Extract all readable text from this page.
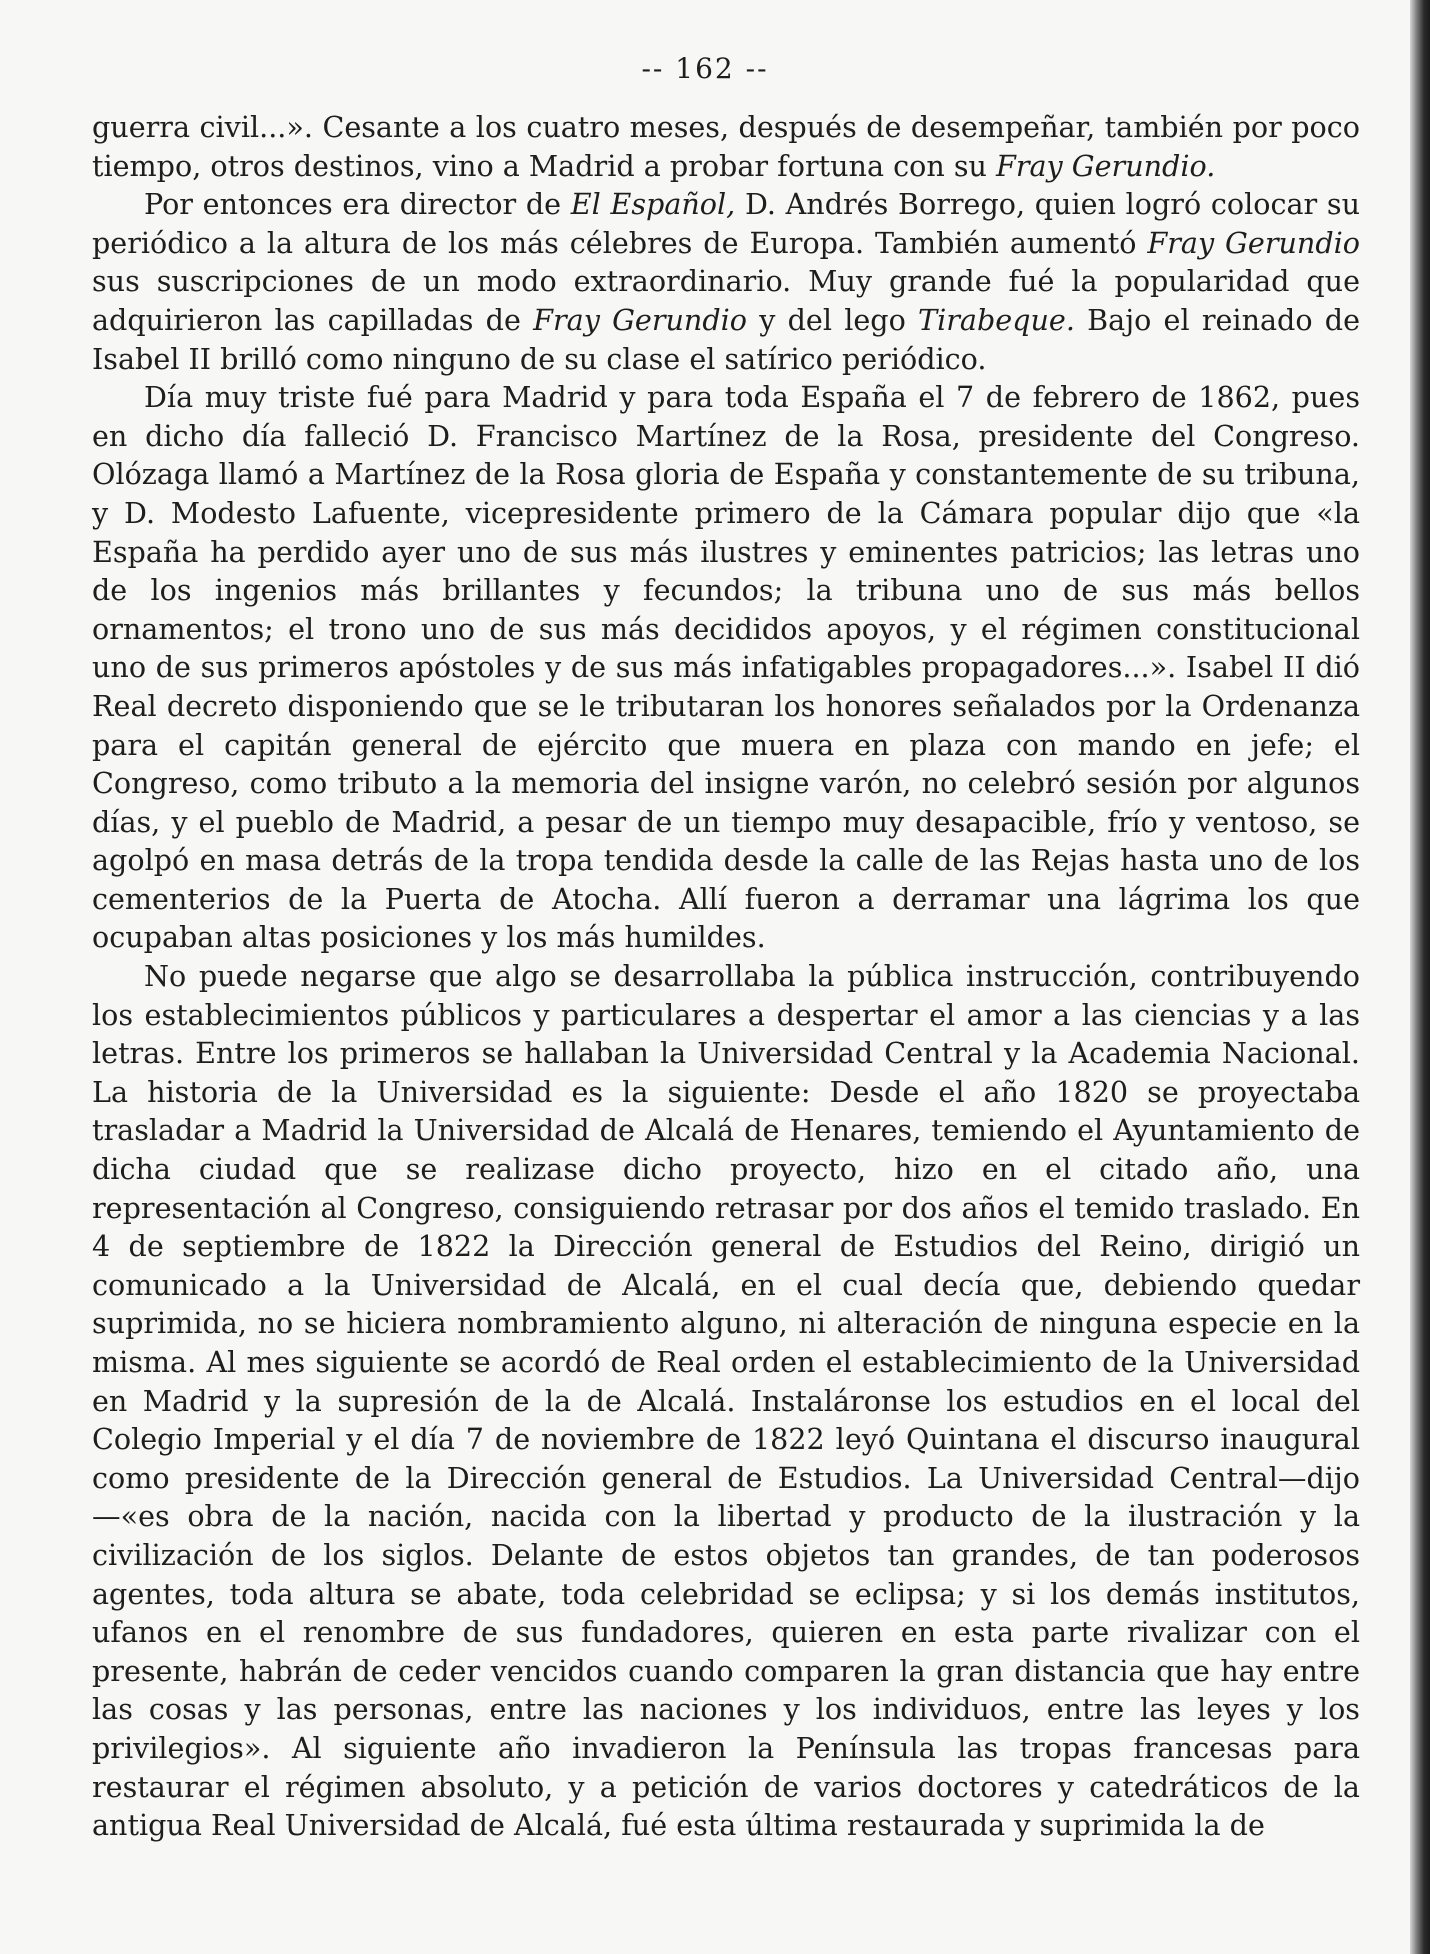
-- 162 --

guerra civil...». Cesante a los cuatro meses, después de desempeñar, también por poco tiempo, otros destinos, vino a Madrid a probar fortuna con su Fray Gerundio.

Por entonces era director de El Español, D. Andrés Borrego, quien logró colocar su periódico a la altura de los más célebres de Europa. También aumentó Fray Gerundio sus suscripciones de un modo extraordinario. Muy grande fué la popularidad que adquirieron las capilladas de Fray Gerundio y del lego Tirabeque. Bajo el reinado de Isabel II brilló como ninguno de su clase el satírico periódico.

Día muy triste fué para Madrid y para toda España el 7 de febrero de 1862, pues en dicho día falleció D. Francisco Martínez de la Rosa, presidente del Congreso. Olózaga llamó a Martínez de la Rosa gloria de España y constantemente de su tribuna, y D. Modesto Lafuente, vicepresidente primero de la Cámara popular dijo que «la España ha perdido ayer uno de sus más ilustres y eminentes patricios; las letras uno de los ingenios más brillantes y fecundos; la tribuna uno de sus más bellos ornamentos; el trono uno de sus más decididos apoyos, y el régimen constitucional uno de sus primeros apóstoles y de sus más infatigables propagadores...». Isabel II dió Real decreto disponiendo que se le tributaran los honores señalados por la Ordenanza para el capitán general de ejército que muera en plaza con mando en jefe; el Congreso, como tributo a la memoria del insigne varón, no celebró sesión por algunos días, y el pueblo de Madrid, a pesar de un tiempo muy desapacible, frío y ventoso, se agolpó en masa detrás de la tropa tendida desde la calle de las Rejas hasta uno de los cementerios de la Puerta de Atocha. Allí fueron a derramar una lágrima los que ocupaban altas posiciones y los más humildes.

No puede negarse que algo se desarrollaba la pública instrucción, contribuyendo los establecimientos públicos y particulares a despertar el amor a las ciencias y a las letras. Entre los primeros se hallaban la Universidad Central y la Academia Nacional. La historia de la Universidad es la siguiente: Desde el año 1820 se proyectaba trasladar a Madrid la Universidad de Alcalá de Henares, temiendo el Ayuntamiento de dicha ciudad que se realizase dicho proyecto, hizo en el citado año, una representación al Congreso, consiguiendo retrasar por dos años el temido traslado. En 4 de septiembre de 1822 la Dirección general de Estudios del Reino, dirigió un comunicado a la Universidad de Alcalá, en el cual decía que, debiendo quedar suprimida, no se hiciera nombramiento alguno, ni alteración de ninguna especie en la misma. Al mes siguiente se acordó de Real orden el establecimiento de la Universidad en Madrid y la supresión de la de Alcalá. Instaláronse los estudios en el local del Colegio Imperial y el día 7 de noviembre de 1822 leyó Quintana el discurso inaugural como presidente de la Dirección general de Estudios. La Universidad Central—dijo—«es obra de la nación, nacida con la libertad y producto de la ilustración y la civilización de los siglos. Delante de estos objetos tan grandes, de tan poderosos agentes, toda altura se abate, toda celebridad se eclipsa; y si los demás institutos, ufanos en el renombre de sus fundadores, quieren en esta parte rivalizar con el presente, habrán de ceder vencidos cuando comparen la gran distancia que hay entre las cosas y las personas, entre las naciones y los individuos, entre las leyes y los privilegios». Al siguiente año invadieron la Península las tropas francesas para restaurar el régimen absoluto, y a petición de varios doctores y catedráticos de la antigua Real Universidad de Alcalá, fué esta última restaurada y suprimida la de
